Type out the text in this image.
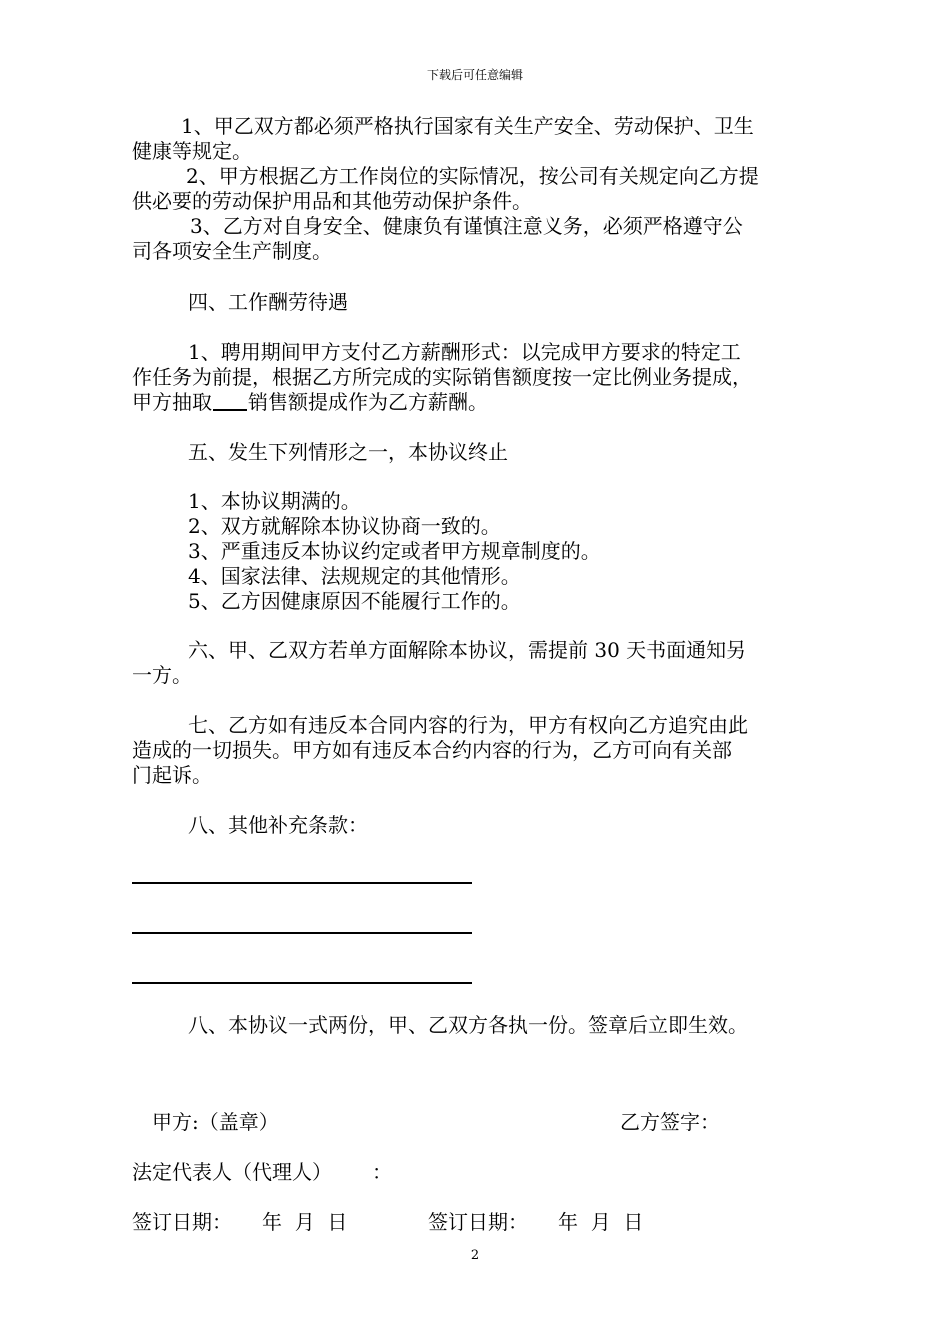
下载后可任意编辑
1、甲乙双方都必须严格执行国家有关生产安全、劳动保护、卫生
健康等规定。
2、甲方根据乙方工作岗位的实际情况，按公司有关规定向乙方提
供必要的劳动保护用品和其他劳动保护条件。
3、乙方对自身安全、健康负有谨慎注意义务，必须严格遵守公
司各项安全生产制度。
四、工作酬劳待遇
1、聘用期间甲方支付乙方薪酬形式：以完成甲方要求的特定工
作任务为前提，根据乙方所完成的实际销售额度按一定比例业务提成，
甲方抽取 销售额提成作为乙方薪酬。
五、发生下列情形之一，本协议终止
1、本协议期满的。
2、双方就解除本协议协商一致的。
3、严重违反本协议约定或者甲方规章制度的。
4、国家法律、法规规定的其他情形。
5、乙方因健康原因不能履行工作的。
六、甲、乙双方若单方面解除本协议，需提前 30 天书面通知另
一方。
七、乙方如有违反本合同内容的行为，甲方有权向乙方追究由此
造成的一切损失。甲方如有违反本合约内容的行为，乙方可向有关部
门起诉。
八、其他补充条款：
八、本协议一式两份，甲、乙双方各执一份。签章后立即生效。
甲方:（盖章）	乙方签字：
法定代表人（代理人） ：
签订日期： 年  月  日	签订日期： 年  月  日
2
